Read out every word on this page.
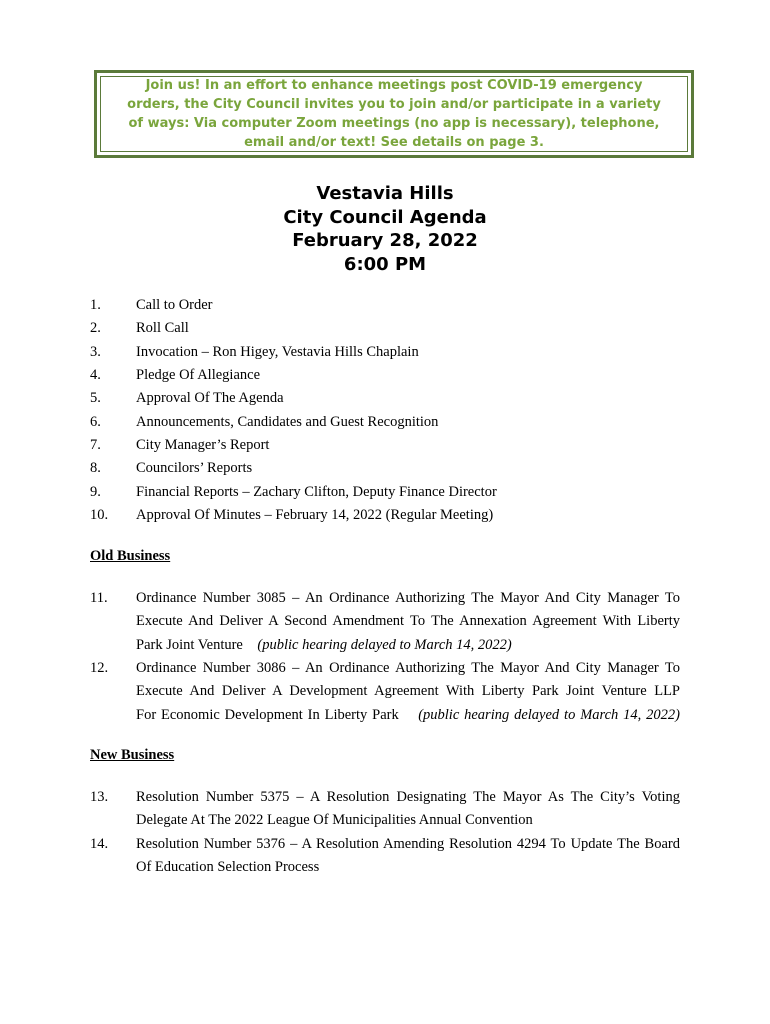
Join us! In an effort to enhance meetings post COVID-19 emergency
orders, the City Council invites you to join and/or participate in a variety
of ways: Via computer Zoom meetings (no app is necessary), telephone,
email and/or text! See details on page 3.

Vestavia Hills
City Council Agenda
February 28, 2022
6:00 PM
1. Call to Order
2. Roll Call
3. Invocation – Ron Higey, Vestavia Hills Chaplain
4. Pledge Of Allegiance
5. Approval Of The Agenda
6. Announcements, Candidates and Guest Recognition
7. City Manager’s Report
8. Councilors’ Reports
9. Financial Reports – Zachary Clifton, Deputy Finance Director
10. Approval Of Minutes – February 14, 2022 (Regular Meeting)
Old Business
11. Ordinance Number 3085 – An Ordinance Authorizing The Mayor And City Manager To
Execute And Deliver A Second Amendment To The Annexation Agreement With Liberty
Park Joint Venture (public hearing delayed to March 14, 2022)
12. Ordinance Number 3086 – An Ordinance Authorizing The Mayor And City Manager To
Execute And Deliver A Development Agreement With Liberty Park Joint Venture LLP
For Economic Development In Liberty Park (public hearing delayed to March 14, 2022)
New Business
13. Resolution Number 5375 – A Resolution Designating The Mayor As The City’s Voting
Delegate At The 2022 League Of Municipalities Annual Convention
14. Resolution Number 5376 – A Resolution Amending Resolution 4294 To Update The Board
Of Education Selection Process
